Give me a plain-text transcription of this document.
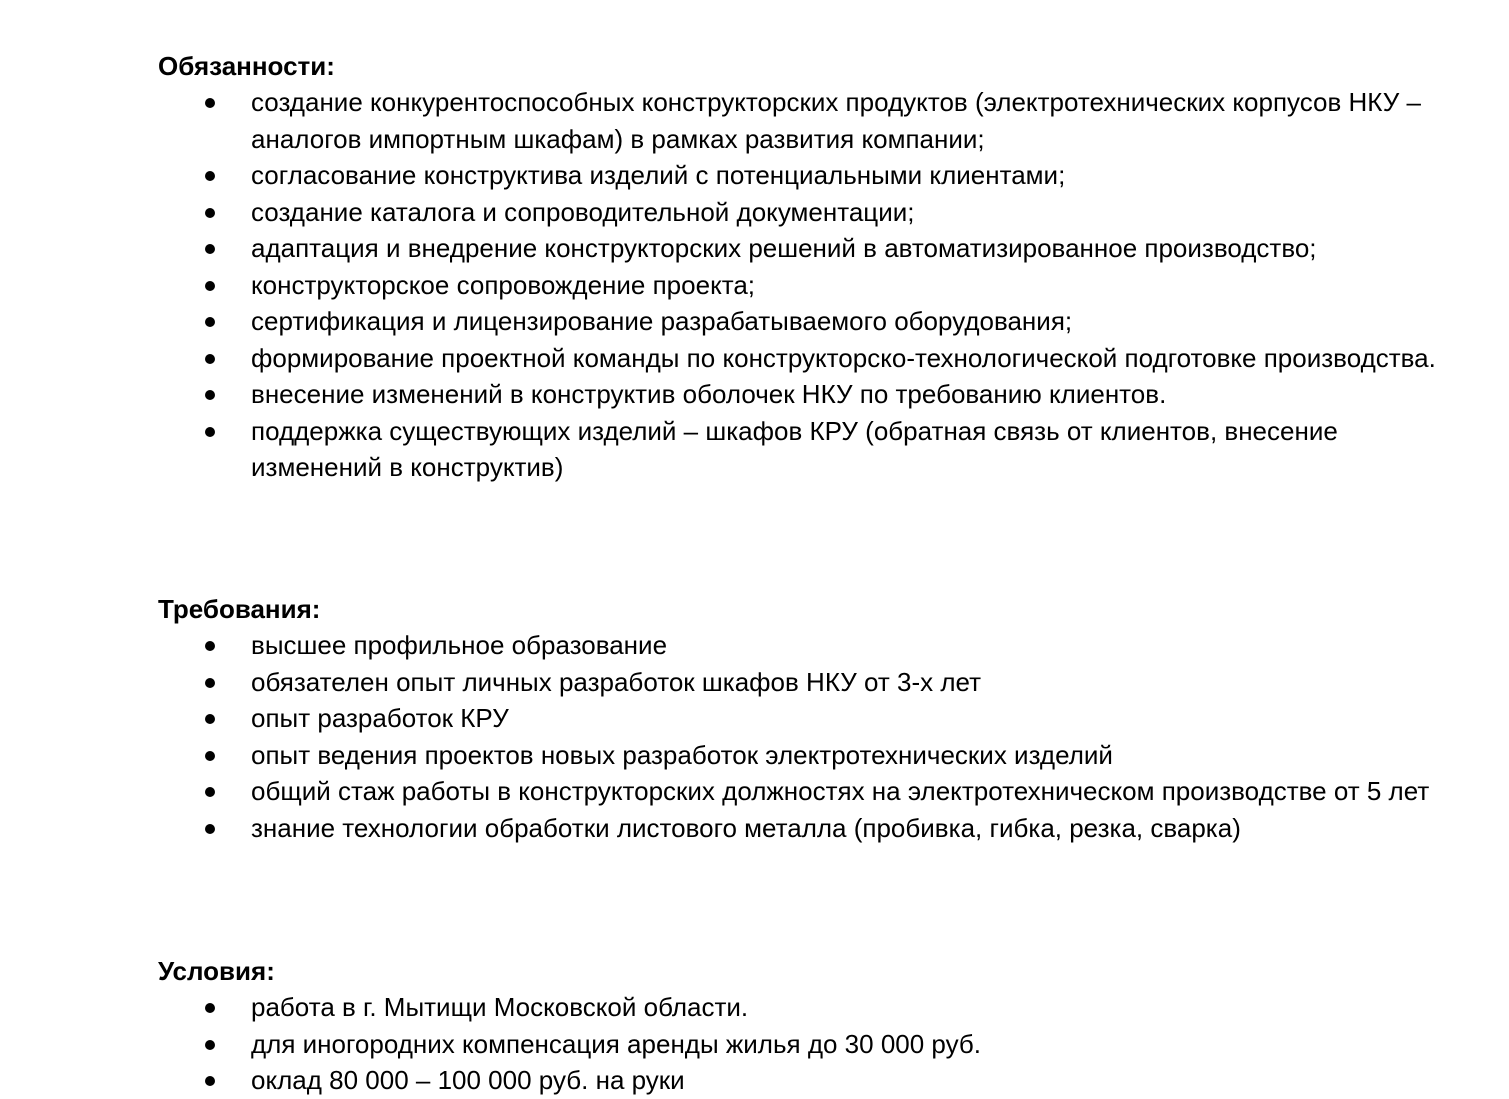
Обязанности:
создание конкурентоспособных конструкторских продуктов (электротехнических корпусов НКУ – аналогов импортным шкафам) в рамках развития компании;
согласование конструктива изделий с потенциальными клиентами;
создание каталога и сопроводительной документации;
адаптация и внедрение конструкторских решений в автоматизированное производство;
конструкторское сопровождение проекта;
сертификация и лицензирование разрабатываемого оборудования;
формирование проектной команды по конструкторско-технологической подготовке производства.
внесение изменений в конструктив оболочек НКУ по требованию клиентов.
поддержка существующих изделий – шкафов КРУ (обратная связь от клиентов, внесение изменений в конструктив)
Требования:
высшее профильное образование
обязателен опыт личных разработок шкафов НКУ от 3-х лет
опыт разработок КРУ
опыт ведения проектов новых разработок электротехнических изделий
общий стаж работы в конструкторских должностях на электротехническом производстве от 5 лет
знание технологии обработки листового металла (пробивка, гибка, резка, сварка)
Условия:
работа в г. Мытищи Московской области.
для иногородних компенсация аренды жилья до 30 000 руб.
оклад 80 000 – 100 000 руб. на руки
